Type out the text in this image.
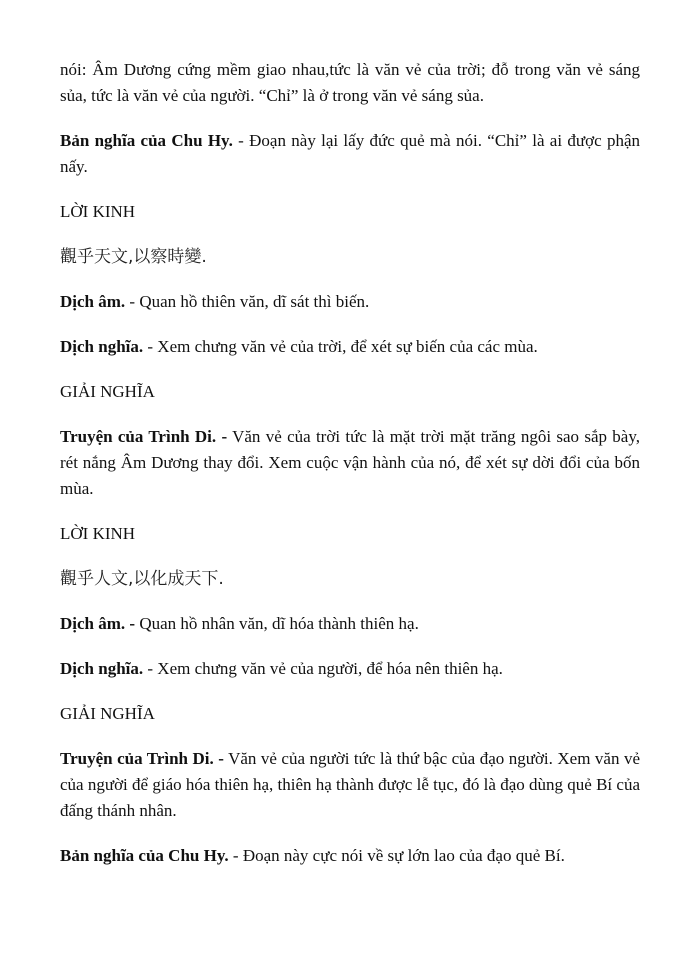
nói: Âm Dương cứng mềm giao nhau,tức là văn vẻ của trời; đỗ trong văn vẻ sáng sủa, tức là văn vẻ của người. “Chỉ” là ở trong văn vẻ sáng sủa.

Bản nghĩa của Chu Hy. - Đoạn này lại lấy đức quẻ mà nói. “Chỉ” là ai được phận nấy.

LỜI KINH

觀乎天文,以察時變.

Dịch âm. - Quan hồ thiên văn, dĩ sát thì biến.

Dịch nghĩa. - Xem chưng văn vẻ của trời, để xét sự biến của các mùa.

GIẢI NGHĨA

Truyện của Trình Di. - Văn vẻ của trời tức là mặt trời mặt trăng ngôi sao sắp bày, rét nắng Âm Dương thay đổi. Xem cuộc vận hành của nó, để xét sự dời đổi của bốn mùa.

LỜI KINH

觀乎人文,以化成天下.

Dịch âm. - Quan hồ nhân văn, dĩ hóa thành thiên hạ.

Dịch nghĩa. - Xem chưng văn vẻ của người, để hóa nên thiên hạ.

GIẢI NGHĨA

Truyện của Trình Di. - Văn vẻ của người tức là thứ bậc của đạo người. Xem văn vẻ của người để giáo hóa thiên hạ, thiên hạ thành được lễ tục, đó là đạo dùng quẻ Bí của đấng thánh nhân.

Bản nghĩa của Chu Hy. - Đoạn này cực nói về sự lớn lao của đạo quẻ Bí.
